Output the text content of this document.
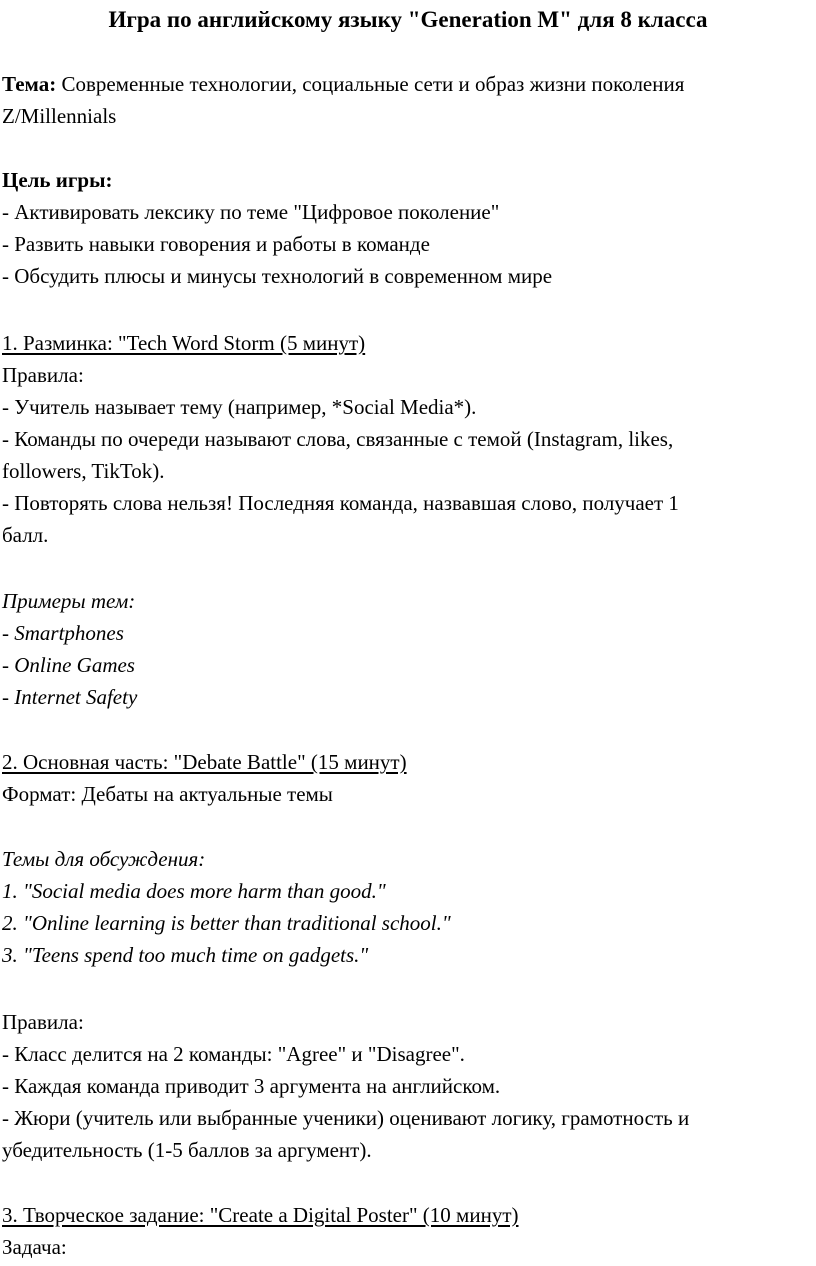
Игра по английскому языку "Generation M" для 8 класса
Тема: Современные технологии, социальные сети и образ жизни поколения
Z/Millennials
Цель игры:
- Активировать лексику по теме "Цифровое поколение"
- Развить навыки говорения и работы в команде
- Обсудить плюсы и минусы технологий в современном мире
1. Разминка: "Tech Word Storm (5 минут)
Правила:
- Учитель называет тему (например, *Social Media*).
- Команды по очереди называют слова, связанные с темой (Instagram, likes,
followers, TikTok).
- Повторять слова нельзя! Последняя команда, назвавшая слово, получает 1
балл.
Примеры тем:
- Smartphones
- Online Games
- Internet Safety
2. Основная часть: "Debate Battle" (15 минут)
Формат: Дебаты на актуальные темы
Темы для обсуждения:
1. "Social media does more harm than good."
2. "Online learning is better than traditional school."
3. "Teens spend too much time on gadgets."
Правила:
- Класс делится на 2 команды: "Agree" и "Disagree".
- Каждая команда приводит 3 аргумента на английском.
- Жюри (учитель или выбранные ученики) оценивают логику, грамотность и
убедительность (1-5 баллов за аргумент).
3. Творческое задание: "Create a Digital Poster" (10 минут)
Задача:
